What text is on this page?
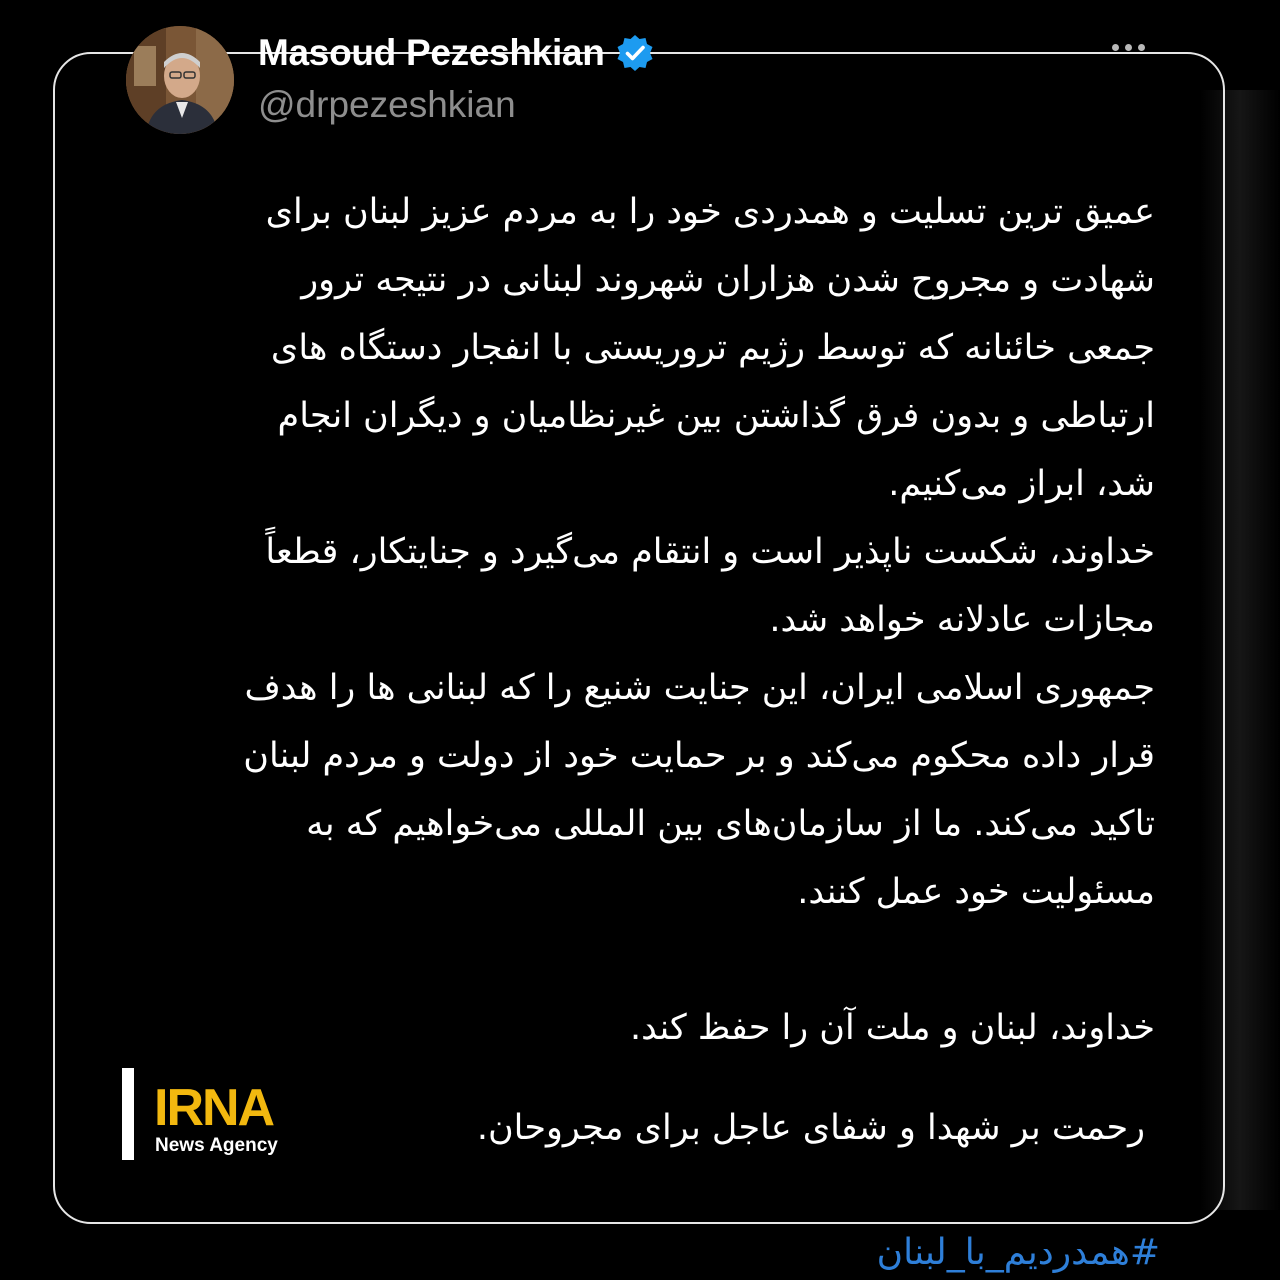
Masoud Pezeshkian
@drpezeshkian

عمیق ترین تسلیت و همدردی خود را به مردم عزیز لبنان برای

شهادت و مجروح شدن هزاران شهروند لبنانی در نتیجه ترور

جمعی خائنانه که توسط رژیم تروریستی با انفجار دستگاه های

ارتباطی و بدون فرق گذاشتن بین غیرنظامیان و دیگران انجام

شد، ابراز می‌کنیم.

خداوند، شکست ناپذیر است و انتقام می‌گیرد و جنایتکار، قطعاً

مجازات عادلانه خواهد شد.

جمهوری اسلامی ایران، این جنایت شنیع را که لبنانی ها را هدف

قرار داده محکوم می‌کند و بر حمایت خود از دولت و مردم لبنان

تاکید می‌کند. ما از سازمان‌های بین المللی می‌خواهیم که به

مسئولیت خود عمل کنند.

خداوند، لبنان و ملت آن را حفظ کند.

رحمت بر شهدا و شفای عاجل برای مجروحان.
IRNA
News Agency
#همدردیم_با_لبنان
